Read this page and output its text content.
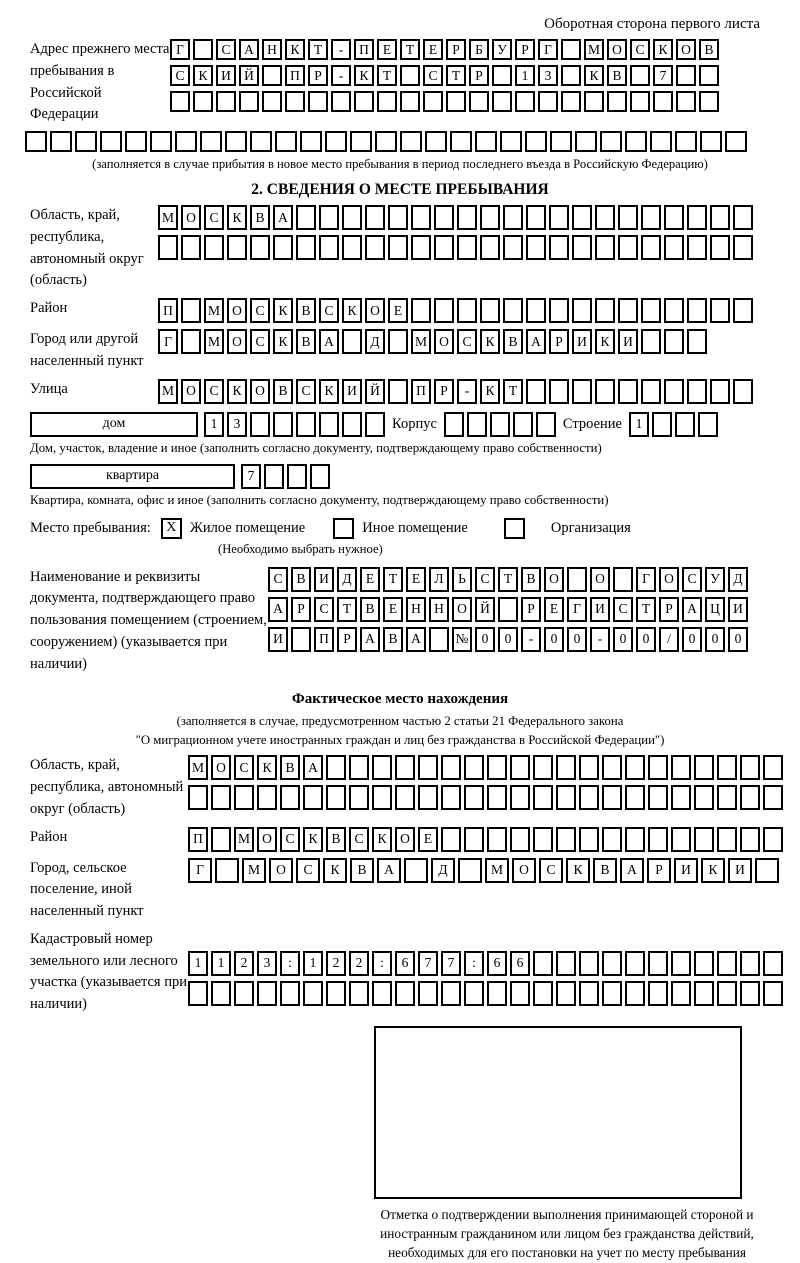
Оборотная сторона первого листа
Адрес прежнего места пребывания в Российской Федерации
Г	С	А Н	К	Т	-	П	Е	Т	Е	Р	Б	У	Р	Г	М О	С	К	О	В
С	К	И Й	П	Р	-	К	Т	С	Т	Р	1	3	К	В	7
(заполняется в случае прибытия в новое место пребывания в период последнего въезда в Российскую Федерацию)
2. СВЕДЕНИЯ О МЕСТЕ ПРЕБЫВАНИЯ
Область, край, республика, автономный округ (область)
М О	С	К	В	А
Район	П	М О	С	К	В	С	К	О	Е
Город или другой населенный пункт
Г	М О	С	К	В	А	Д	М О	С	К	В	А	Р	И	К	И
Улица	М О	С	К	О	В	С	К	И Й	П	Р	-	К	Т
дом	1	3	Корпус	Строение	1
Дом, участок, владение и иное (заполнить согласно документу, подтверждающему право собственности)
квартира	7
Квартира, комната, офис и иное (заполнить согласно документу, подтверждающему право собственности)
Место пребывания:	X Жилое помещение	Иное помещение	Организация
(Необходимо выбрать нужное)
Наименование и реквизиты документа, подтверждающего право пользования помещением (строением, сооружением) (указывается при наличии)
С	В	И	Д	Е	Т	Е	Л	Ь	С	Т	В	О	О	Г	О	С	У	Д
А	Р	С	Т	В	Е	Н Н О Й	Р	Е	Г	И	С	Т	Р	А Ц И
И	П	Р	А	В	А	№ 0	0	-	0	0	-	0	0	/	0	0	0
Фактическое место нахождения
(заполняется в случае, предусмотренном частью 2 статьи 21 Федерального закона
"О миграционном учете иностранных граждан и лиц без гражданства в Российской Федерации")
Область, край, республика, автономный округ (область)
М О	С	К	В	А
Район	П	М О	С	К	В	С	К	О	Е
Город, сельское поселение, иной населенный пункт
Г	М	О	С	К	В	А	Д	М	О	С	К	В	А	Р	И	К	И
Кадастровый номер земельного или лесного участка (указывается при наличии)
1	1	2	3	:	1	2	2	:	6	7	7	:	6	6
Отметка о подтверждении выполнения принимающей стороной и иностранным гражданином или лицом без гражданства действий, необходимых для его постановки на учет по месту пребывания
